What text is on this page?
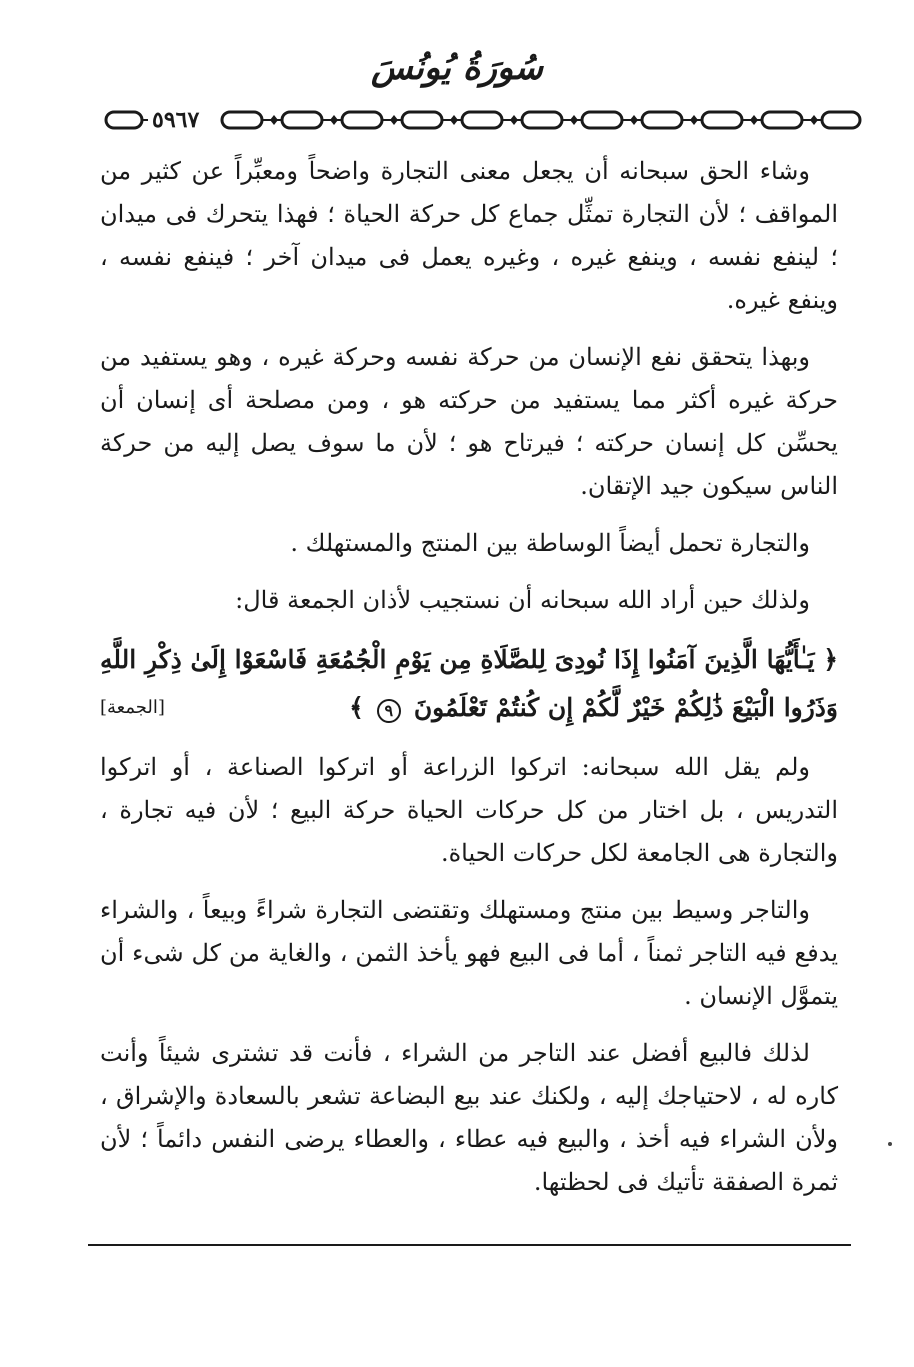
سُورَةُ يُونُسَ
٥٩٦٧

وشاء الحق سبحانه أن يجعل معنى التجارة واضحاً ومعبِّراً عن كثير من المواقف ؛ لأن التجارة تمثِّل جماع كل حركة الحياة ؛ فهذا يتحرك فى ميدان ؛ لينفع نفسه ، وينفع غيره ، وغيره يعمل فى ميدان آخر ؛ فينفع نفسه ، وينفع غيره.

وبهذا يتحقق نفع الإنسان من حركة نفسه وحركة غيره ، وهو يستفيد من حركة غيره أكثر مما يستفيد من حركته هو ، ومن مصلحة أى إنسان أن يحسِّن كل إنسان حركته ؛ فيرتاح هو ؛ لأن ما سوف يصل إليه من حركة الناس سيكون جيد الإتقان.

والتجارة تحمل أيضاً الوساطة بين المنتج والمستهلك .

ولذلك حين أراد الله سبحانه أن نستجيب لأذان الجمعة قال:

﴿ يَـٰأَيُّهَا الَّذِينَ آمَنُوا إِذَا نُودِىَ لِلصَّلَاةِ مِن يَوْمِ الْجُمُعَةِ فَاسْعَوْا إِلَىٰ ذِكْرِ اللَّهِ وَذَرُوا الْبَيْعَ ذَٰلِكُمْ خَيْرٌ لَّكُمْ إِن كُنتُمْ تَعْلَمُونَ ٩ ﴾
[الجمعة]

ولم يقل الله سبحانه: اتركوا الزراعة أو اتركوا الصناعة ، أو اتركوا التدريس ، بل اختار من كل حركات الحياة حركة البيع ؛ لأن فيه تجارة ، والتجارة هى الجامعة لكل حركات الحياة.

والتاجر وسيط بين منتج ومستهلك وتقتضى التجارة شراءً وبيعاً ، والشراء يدفع فيه التاجر ثمناً ، أما فى البيع فهو يأخذ الثمن ، والغاية من كل شىء أن يتموَّل الإنسان .

لذلك فالبيع أفضل عند التاجر من الشراء ، فأنت قد تشترى شيئاً وأنت كاره له ، لاحتياجك إليه ، ولكنك عند بيع البضاعة تشعر بالسعادة والإشراق ، ولأن الشراء فيه أخذ ، والبيع فيه عطاء ، والعطاء يرضى النفس دائماً ؛ لأن ثمرة الصفقة تأتيك فى لحظتها.
